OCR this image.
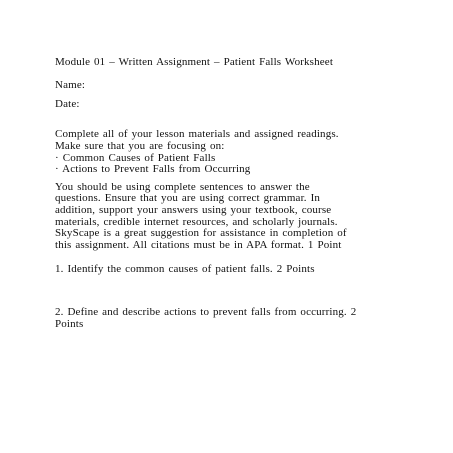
Module 01 – Written Assignment – Patient Falls Worksheet

Name:

Date:

Complete all of your lesson materials and assigned readings.

Make sure that you are focusing on:

· Common Causes of Patient Falls

· Actions to Prevent Falls from Occurring

You should be using complete sentences to answer the

questions. Ensure that you are using correct grammar. In

addition, support your answers using your textbook, course

materials, credible internet resources, and scholarly journals.

SkyScape is a great suggestion for assistance in completion of

this assignment. All citations must be in APA format. 1 Point

1. Identify the common causes of patient falls. 2 Points

2. Define and describe actions to prevent falls from occurring. 2

Points
